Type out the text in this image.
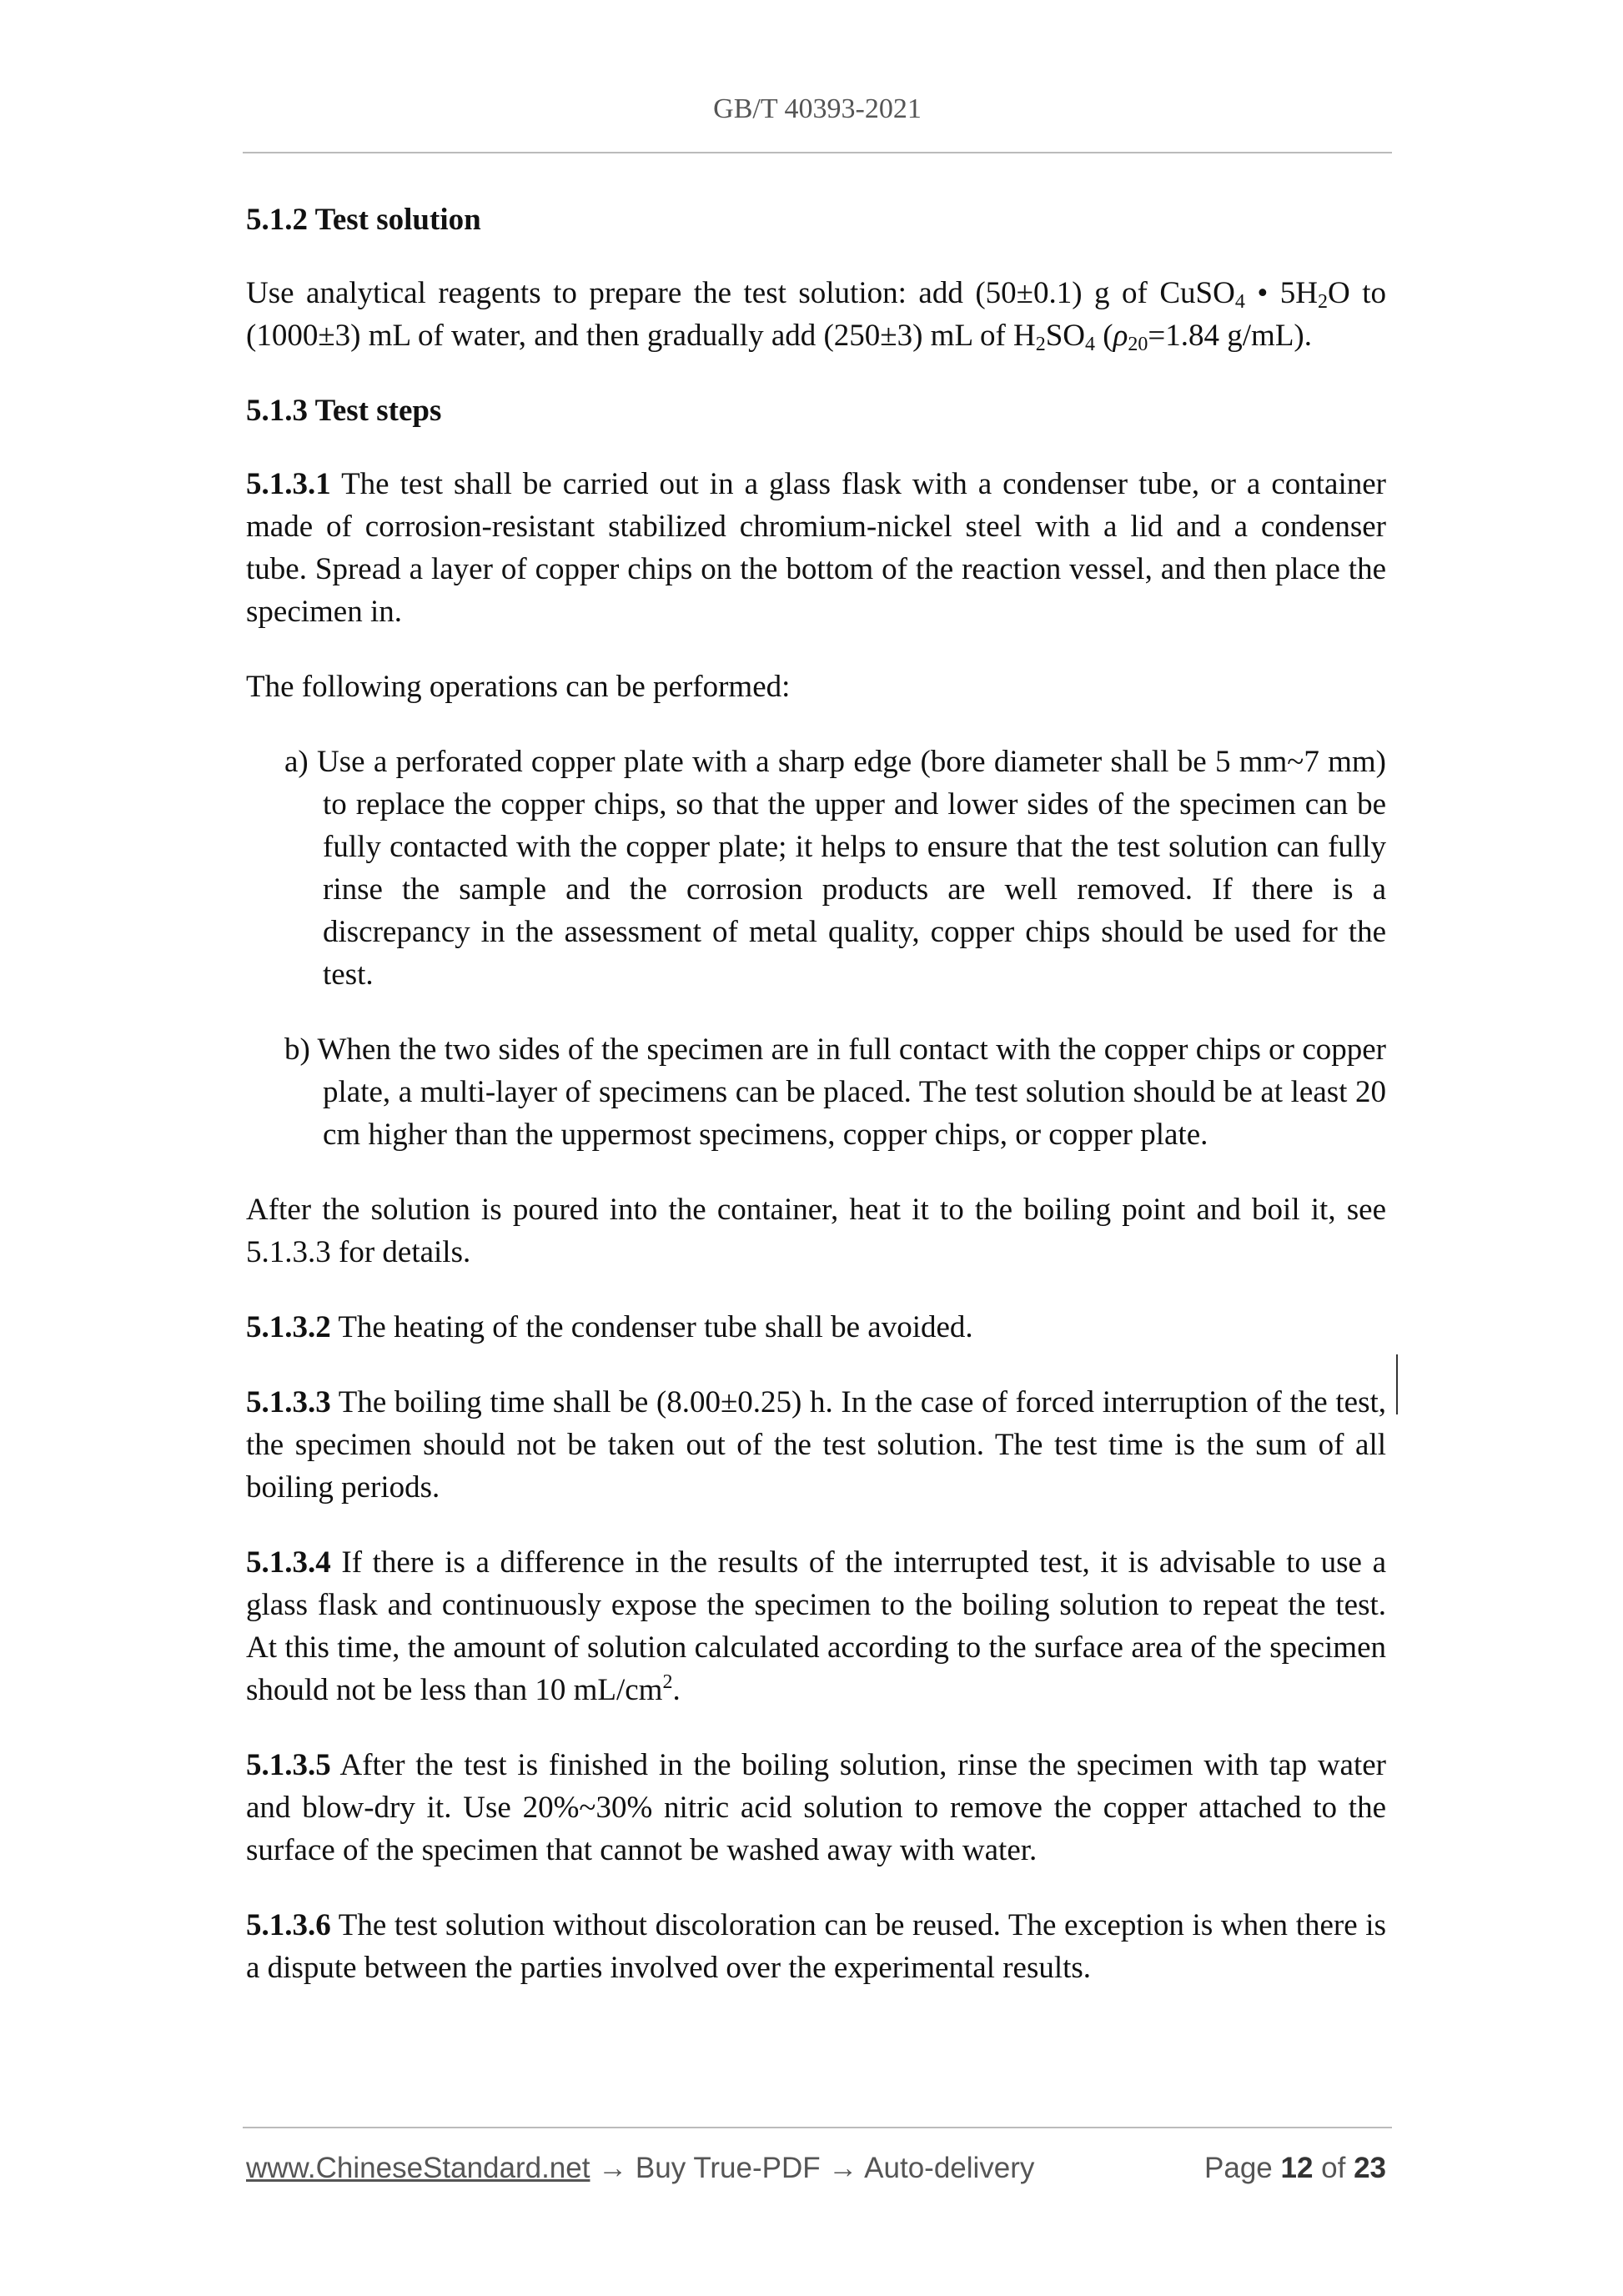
GB/T 40393-2021
5.1.2 Test solution

Use analytical reagents to prepare the test solution: add (50±0.1) g of CuSO$_4$ • $5H_2O$ to (1000±3) mL of water, and then gradually add (250±3) mL of $H_2SO_4$ ($\rho_{20}=1.84$ g/mL).

5.1.3 Test steps

5.1.3.1 The test shall be carried out in a glass flask with a condenser tube, or a container made of corrosion-resistant stabilized chromium-nickel steel with a lid and a condenser tube. Spread a layer of copper chips on the bottom of the reaction vessel, and then place the specimen in.

The following operations can be performed:

a) Use a perforated copper plate with a sharp edge (bore diameter shall be 5 mm~7 mm) to replace the copper chips, so that the upper and lower sides of the specimen can be fully contacted with the copper plate; it helps to ensure that the test solution can fully rinse the sample and the corrosion products are well removed. If there is a discrepancy in the assessment of metal quality, copper chips should be used for the test.
b) When the two sides of the specimen are in full contact with the copper chips or copper plate, a multi-layer of specimens can be placed. The test solution should be at least 20 cm higher than the uppermost specimens, copper chips, or copper plate.

After the solution is poured into the container, heat it to the boiling point and boil it, see 5.1.3.3 for details.

5.1.3.2 The heating of the condenser tube shall be avoided.

5.1.3.3 The boiling time shall be (8.00±0.25) h. In the case of forced interruption of the test, the specimen should not be taken out of the test solution. The test time is the sum of all boiling periods.

5.1.3.4 If there is a difference in the results of the interrupted test, it is advisable to use a glass flask and continuously expose the specimen to the boiling solution to repeat the test. At this time, the amount of solution calculated according to the surface area of the specimen should not be less than 10 $mL/cm^2$.

5.1.3.5 After the test is finished in the boiling solution, rinse the specimen with tap water and blow-dry it. Use 20%~30% nitric acid solution to remove the copper attached to the surface of the specimen that cannot be washed away with water.

5.1.3.6 The test solution without discoloration can be reused. The exception is when there is a dispute between the parties involved over the experimental results.

www.ChineseStandard.net → Buy True-PDF → Auto-delivery	Page 12 of 23
